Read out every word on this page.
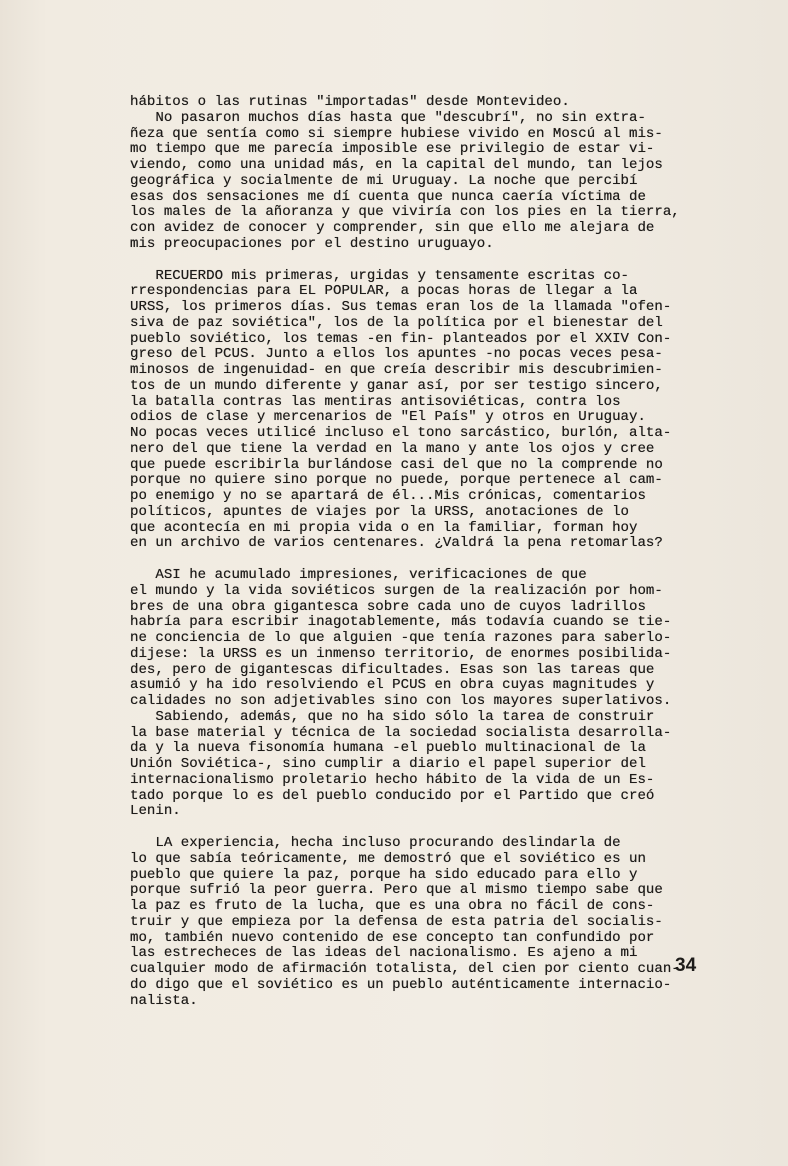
hábitos o las rutinas "importadas" desde Montevideo.
No pasaron muchos días hasta que "descubrí", no sin extra-
ñeza que sentía como si siempre hubiese vivido en Moscú al mis-
mo tiempo que me parecía imposible ese privilegio de estar vi-
viendo, como una unidad más, en la capital del mundo, tan lejos
geográfica y socialmente de mi Uruguay. La noche que percibí
esas dos sensaciones me dí cuenta que nunca caería víctima de
los males de la añoranza y que viviría con los pies en la tierra,
con avidez de conocer y comprender, sin que ello me alejara de
mis preocupaciones por el destino uruguayo.
RECUERDO mis primeras, urgidas y tensamente escritas co-
rrespondencias para EL POPULAR, a pocas horas de llegar a la
URSS, los primeros días. Sus temas eran los de la llamada "ofen-
siva de paz soviética", los de la política por el bienestar del
pueblo soviético, los temas -en fin- planteados por el XXIV Con-
greso del PCUS. Junto a ellos los apuntes -no pocas veces pesa-
minosos de ingenuidad- en que creía describir mis descubrimien-
tos de un mundo diferente y ganar así, por ser testigo sincero,
la batalla contras las mentiras antisoviéticas, contra los
odios de clase y mercenarios de "El País" y otros en Uruguay.
No pocas veces utilicé incluso el tono sarcástico, burlón, alta-
nero del que tiene la verdad en la mano y ante los ojos y cree
que puede escribirla burlándose casi del que no la comprende no
porque no quiere sino porque no puede, porque pertenece al cam-
po enemigo y no se apartará de él...Mis crónicas, comentarios
políticos, apuntes de viajes por la URSS, anotaciones de lo
que acontecía en mi propia vida o en la familiar, forman hoy
en un archivo de varios centenares. ¿Valdrá la pena retomarlas?
ASI he acumulado impresiones, verificaciones de que
el mundo y la vida soviéticos surgen de la realización por hom-
bres de una obra gigantesca sobre cada uno de cuyos ladrillos
habría para escribir inagotablemente, más todavía cuando se tie-
ne conciencia de lo que alguien -que tenía razones para saberlo-
dijese: la URSS es un inmenso territorio, de enormes posibilida-
des, pero de gigantescas dificultades. Esas son las tareas que
asumió y ha ido resolviendo el PCUS en obra cuyas magnitudes y
calidades no son adjetivables sino con los mayores superlativos.
Sabiendo, además, que no ha sido sólo la tarea de construir
la base material y técnica de la sociedad socialista desarrolla-
da y la nueva fisonomía humana -el pueblo multinacional de la
Unión Soviética-, sino cumplir a diario el papel superior del
internacionalismo proletario hecho hábito de la vida de un Es-
tado porque lo es del pueblo conducido por el Partido que creó
Lenin.
LA experiencia, hecha incluso procurando deslindarla de
lo que sabía teóricamente, me demostró que el soviético es un
pueblo que quiere la paz, porque ha sido educado para ello y
porque sufrió la peor guerra. Pero que al mismo tiempo sabe que
la paz es fruto de la lucha, que es una obra no fácil de cons-
truir y que empieza por la defensa de esta patria del socialis-
mo, también nuevo contenido de ese concepto tan confundido por
las estrecheces de las ideas del nacionalismo. Es ajeno a mi
cualquier modo de afirmación totalista, del cien por ciento cuan-
do digo que el soviético es un pueblo auténticamente internacio-
nalista.
34
